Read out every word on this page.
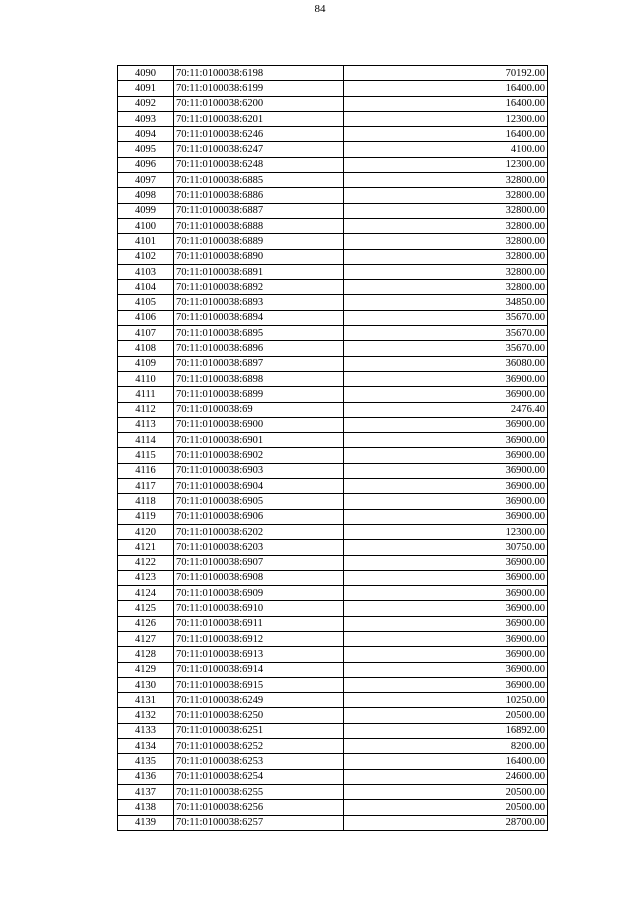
84
4090	70:11:0100038:6198	70192.00
4091	70:11:0100038:6199	16400.00
4092	70:11:0100038:6200	16400.00
4093	70:11:0100038:6201	12300.00
4094	70:11:0100038:6246	16400.00
4095	70:11:0100038:6247	4100.00
4096	70:11:0100038:6248	12300.00
4097	70:11:0100038:6885	32800.00
4098	70:11:0100038:6886	32800.00
4099	70:11:0100038:6887	32800.00
4100	70:11:0100038:6888	32800.00
4101	70:11:0100038:6889	32800.00
4102	70:11:0100038:6890	32800.00
4103	70:11:0100038:6891	32800.00
4104	70:11:0100038:6892	32800.00
4105	70:11:0100038:6893	34850.00
4106	70:11:0100038:6894	35670.00
4107	70:11:0100038:6895	35670.00
4108	70:11:0100038:6896	35670.00
4109	70:11:0100038:6897	36080.00
4110	70:11:0100038:6898	36900.00
4111	70:11:0100038:6899	36900.00
4112	70:11:0100038:69	2476.40
4113	70:11:0100038:6900	36900.00
4114	70:11:0100038:6901	36900.00
4115	70:11:0100038:6902	36900.00
4116	70:11:0100038:6903	36900.00
4117	70:11:0100038:6904	36900.00
4118	70:11:0100038:6905	36900.00
4119	70:11:0100038:6906	36900.00
4120	70:11:0100038:6202	12300.00
4121	70:11:0100038:6203	30750.00
4122	70:11:0100038:6907	36900.00
4123	70:11:0100038:6908	36900.00
4124	70:11:0100038:6909	36900.00
4125	70:11:0100038:6910	36900.00
4126	70:11:0100038:6911	36900.00
4127	70:11:0100038:6912	36900.00
4128	70:11:0100038:6913	36900.00
4129	70:11:0100038:6914	36900.00
4130	70:11:0100038:6915	36900.00
4131	70:11:0100038:6249	10250.00
4132	70:11:0100038:6250	20500.00
4133	70:11:0100038:6251	16892.00
4134	70:11:0100038:6252	8200.00
4135	70:11:0100038:6253	16400.00
4136	70:11:0100038:6254	24600.00
4137	70:11:0100038:6255	20500.00
4138	70:11:0100038:6256	20500.00
4139	70:11:0100038:6257	28700.00
